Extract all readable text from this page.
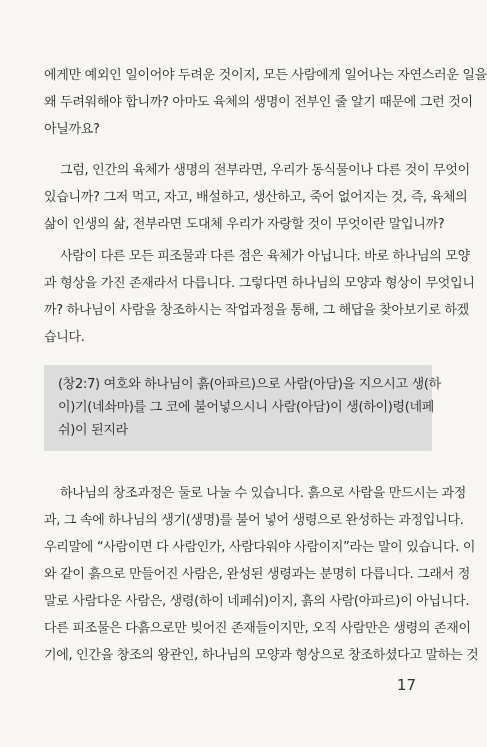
에게만 예외인 일이어야 두려운 것이지, 모든 사람에게 일어나는 자연스러운 일을
왜 두려워해야 합니까? 아마도 육체의 생명이 전부인 줄 알기 때문에 그런 것이
아닐까요?

그럼, 인간의 육체가 생명의 전부라면, 우리가 동식물이나 다른 것이 무엇이
있습니까? 그저 먹고, 자고, 배설하고, 생산하고, 죽어 없어지는 것, 즉, 육체의
삶이 인생의 삶, 전부라면 도대체 우리가 자랑할 것이 무엇이란 말입니까?

사람이 다른 모든 피조물과 다른 점은 육체가 아닙니다. 바로 하나님의 모양
과 형상을 가진 존재라서 다릅니다. 그렇다면 하나님의 모양과 형상이 무엇입니
까? 하나님이 사람을 창조하시는 작업과정을 통해, 그 해답을 찾아보기로 하겠
습니다.

(창2:7) 여호와 하나님이 흙(아파르)으로 사람(아담)을 지으시고 생(하
이)기(네솨마)를 그 코에 불어넣으시니 사람(아담)이 생(하이)령(네페
쉬)이 된지라

하나님의 창조과정은 둘로 나눌 수 있습니다. 흙으로 사람을 만드시는 과정
과, 그 속에 하나님의 생기(생명)를 불어 넣어 생령으로 완성하는 과정입니다.
우리말에 “사람이면 다 사람인가, 사람다워야 사람이지”라는 말이 있습니다. 이
와 같이 흙으로 만들어진 사람은, 완성된 생령과는 분명히 다릅니다. 그래서 정
말로 사람다운 사람은, 생령(하이 네페쉬)이지, 흙의 사람(아파르)이 아닙니다.
다른 피조물은 다흙으로만 빚어진 존재들이지만, 오직 사람만은 생령의 존재이
기에, 인간을 창조의 왕관인, 하나님의 모양과 형상으로 창조하셨다고 말하는 것

17
